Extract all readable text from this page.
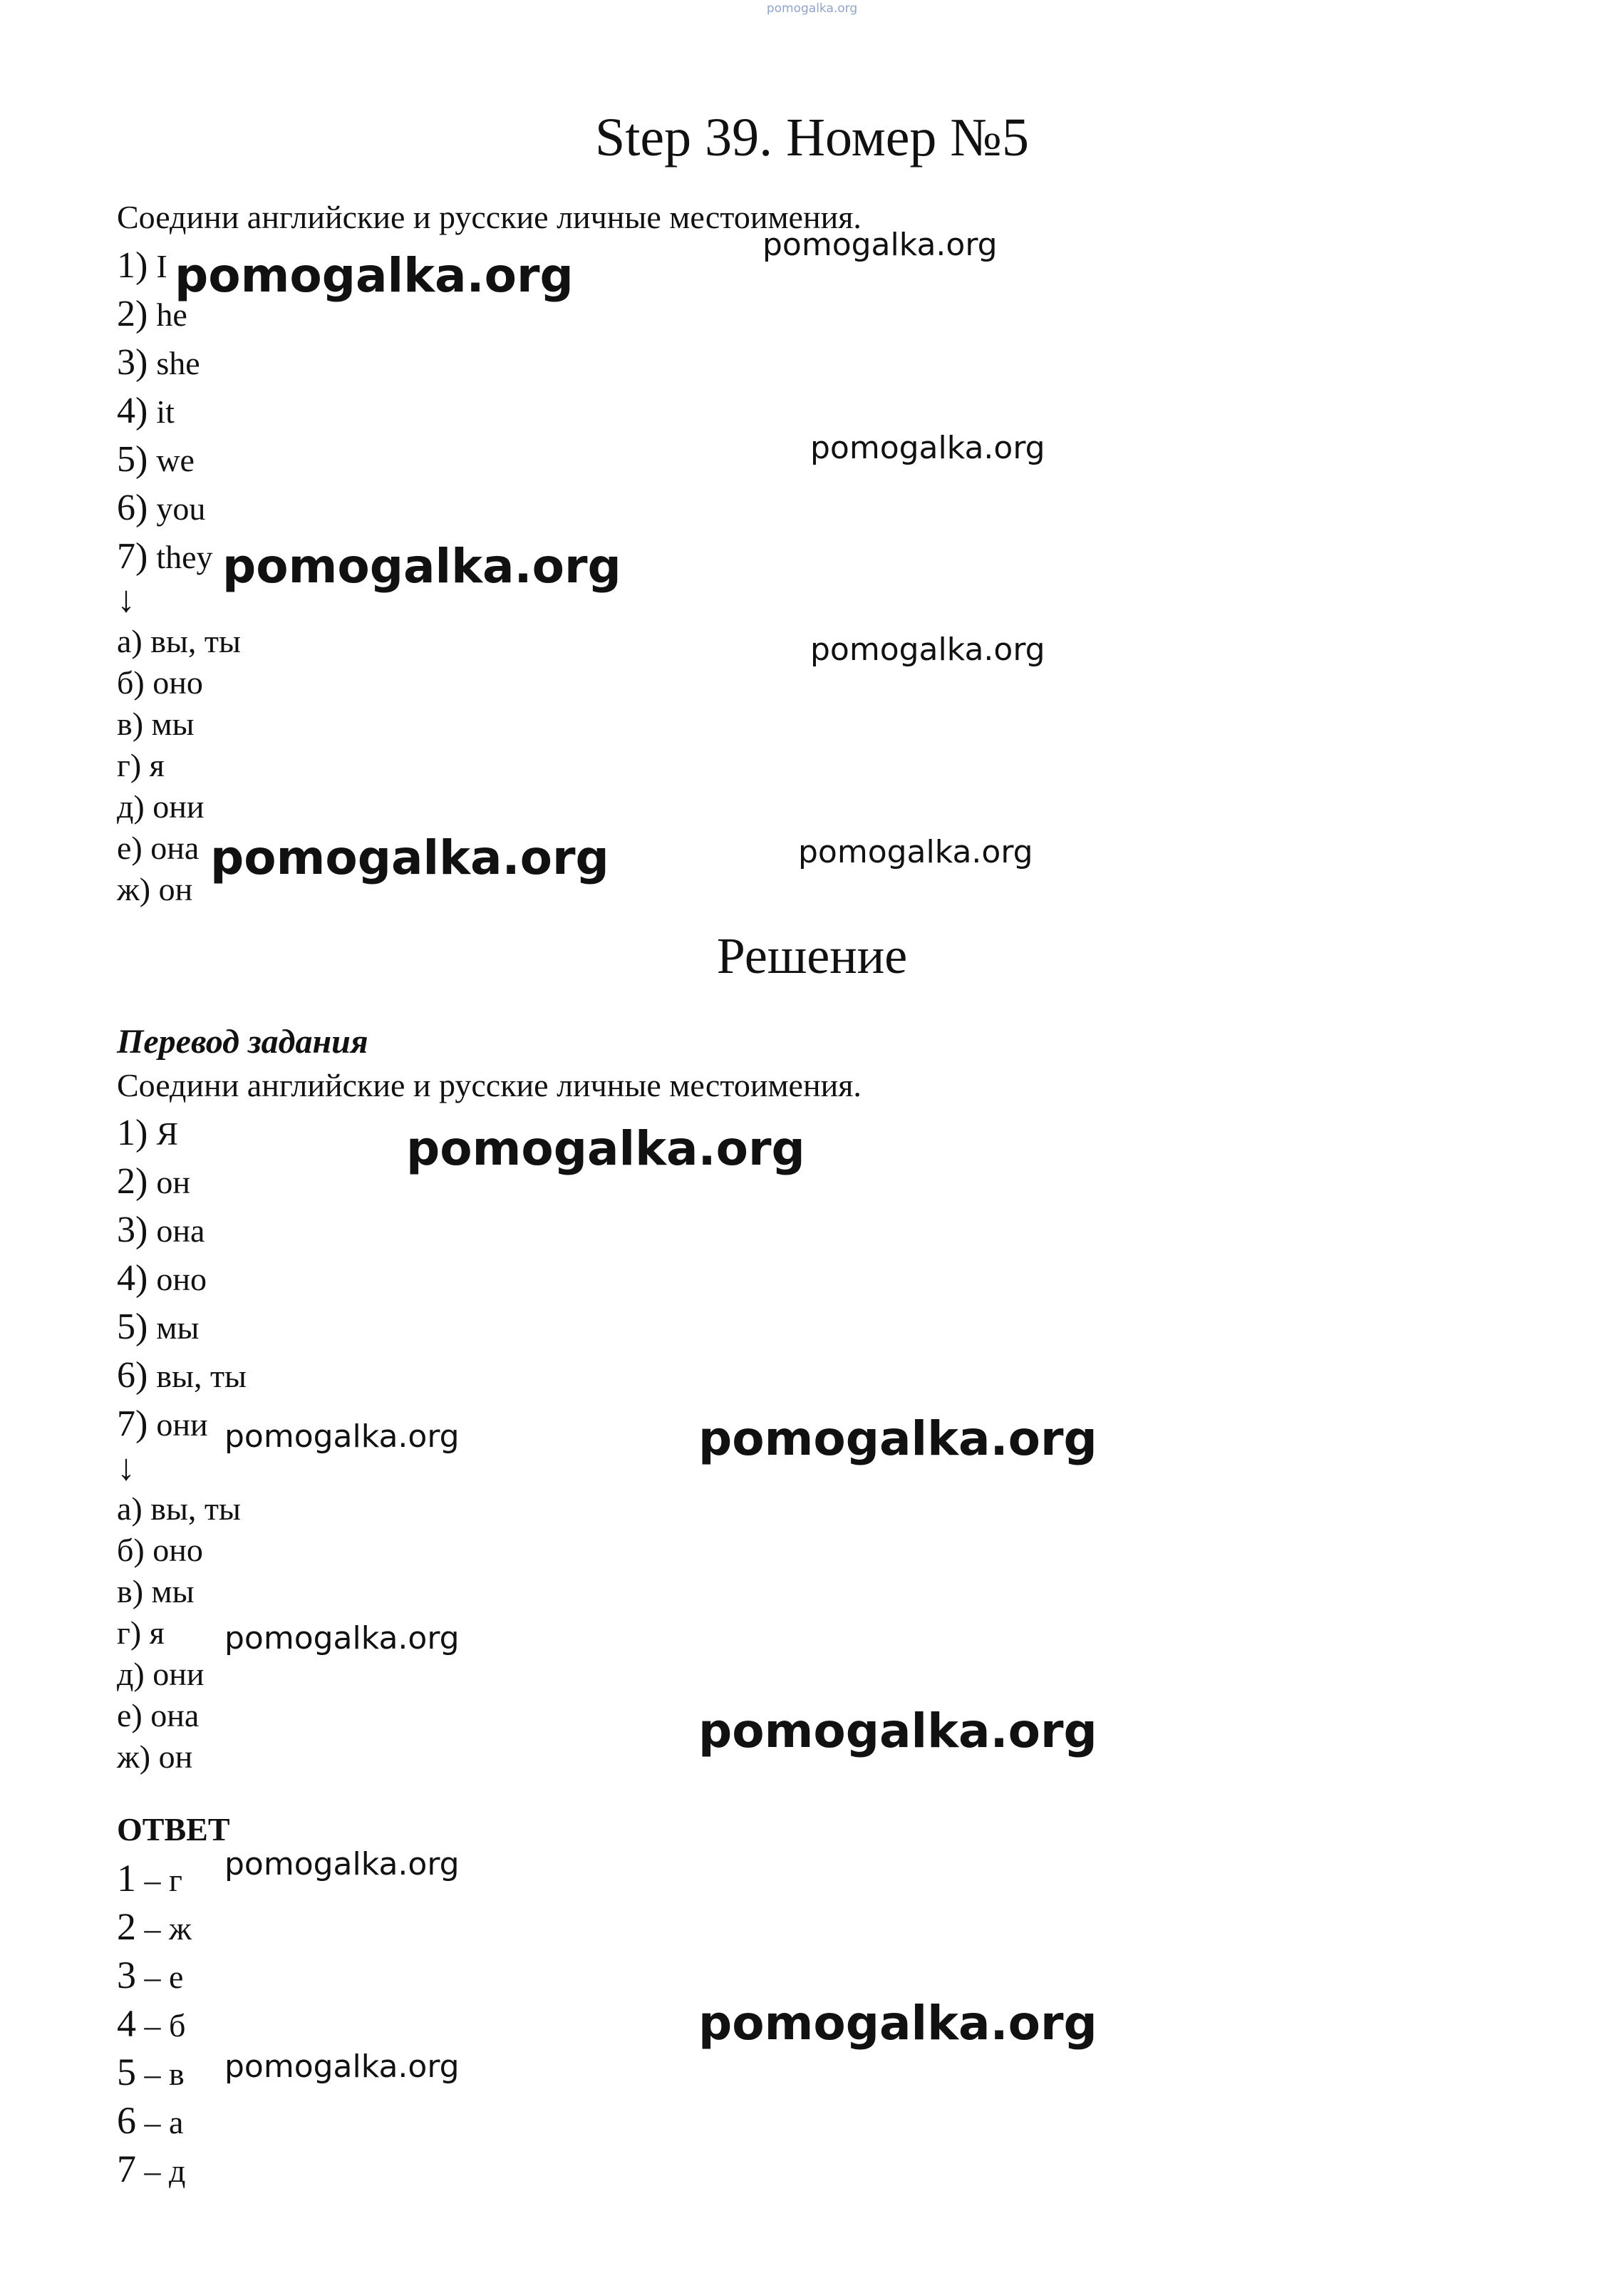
pomogalka.org
Step 39. Номер №5
Соедини английские и русские личные местоимения.
1) I
2) he
3) she
4) it
5) we
6) you
7) they
↓
а) вы, ты
б) оно
в) мы
г) я
д) они
е) она
ж) он
Решение
Перевод задания
Соедини английские и русские личные местоимения.
1) Я
2) он
3) она
4) оно
5) мы
6) вы, ты
7) они
↓
а) вы, ты
б) оно
в) мы
г) я
д) они
е) она
ж) он
ОТВЕТ
1 – г
2 – ж
3 – е
4 – б
5 – в
6 – а
7 – д
pomogalka.org
pomogalka.org
pomogalka.org
pomogalka.org
pomogalka.org
pomogalka.org	pomogalka.org
pomogalka.org
pomogalka.org	pomogalka.org
pomogalka.org
pomogalka.org
pomogalka.org
pomogalka.org
pomogalka.org
